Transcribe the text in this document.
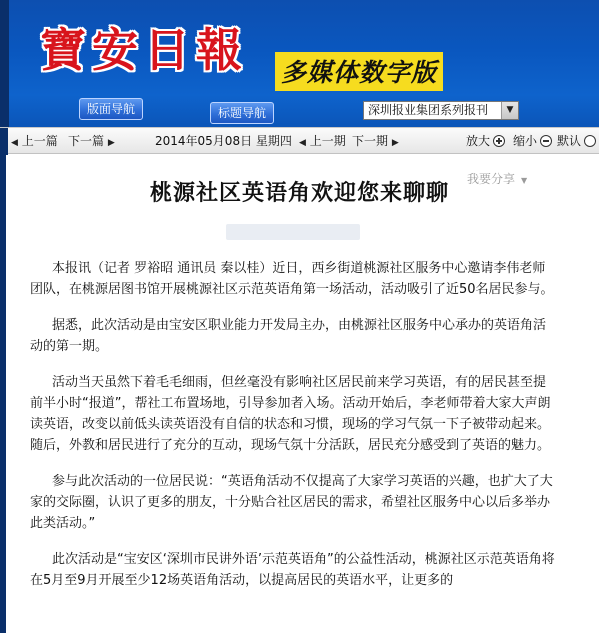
寶安日報 多媒体数字版
版面导航	标题导航	深圳报业集团系列报刊	▼
◀ 上一篇 下一篇 ▶	2014年05月08日 星期四 ◀ 上一期 下一期 ▶	放大	缩小	默认
桃源社区英语角欢迎您来聊聊
我要分享 ▼

本报讯（记者 罗裕昭 通讯员 秦以桂）近日，西乡街道桃源社区服务中心邀请李伟老师团队，在桃源居图书馆开展桃源社区示范英语角第一场活动，活动吸引了近50名居民参与。

据悉，此次活动是由宝安区职业能力开发局主办，由桃源社区服务中心承办的英语角活动的第一期。

活动当天虽然下着毛毛细雨，但丝毫没有影响社区居民前来学习英语，有的居民甚至提前半小时“报道”，帮社工布置场地，引导参加者入场。活动开始后，李老师带着大家大声朗读英语，改变以前低头读英语没有自信的状态和习惯，现场的学习气氛一下子被带动起来。随后，外教和居民进行了充分的互动，现场气氛十分活跃，居民充分感受到了英语的魅力。

参与此次活动的一位居民说：“英语角活动不仅提高了大家学习英语的兴趣，也扩大了大家的交际圈，认识了更多的朋友，十分贴合社区居民的需求，希望社区服务中心以后多举办此类活动。”

此次活动是“宝安区‘深圳市民讲外语’示范英语角”的公益性活动，桃源社区示范英语角将在5月至9月开展至少12场英语角活动，以提高居民的英语水平，让更多的
